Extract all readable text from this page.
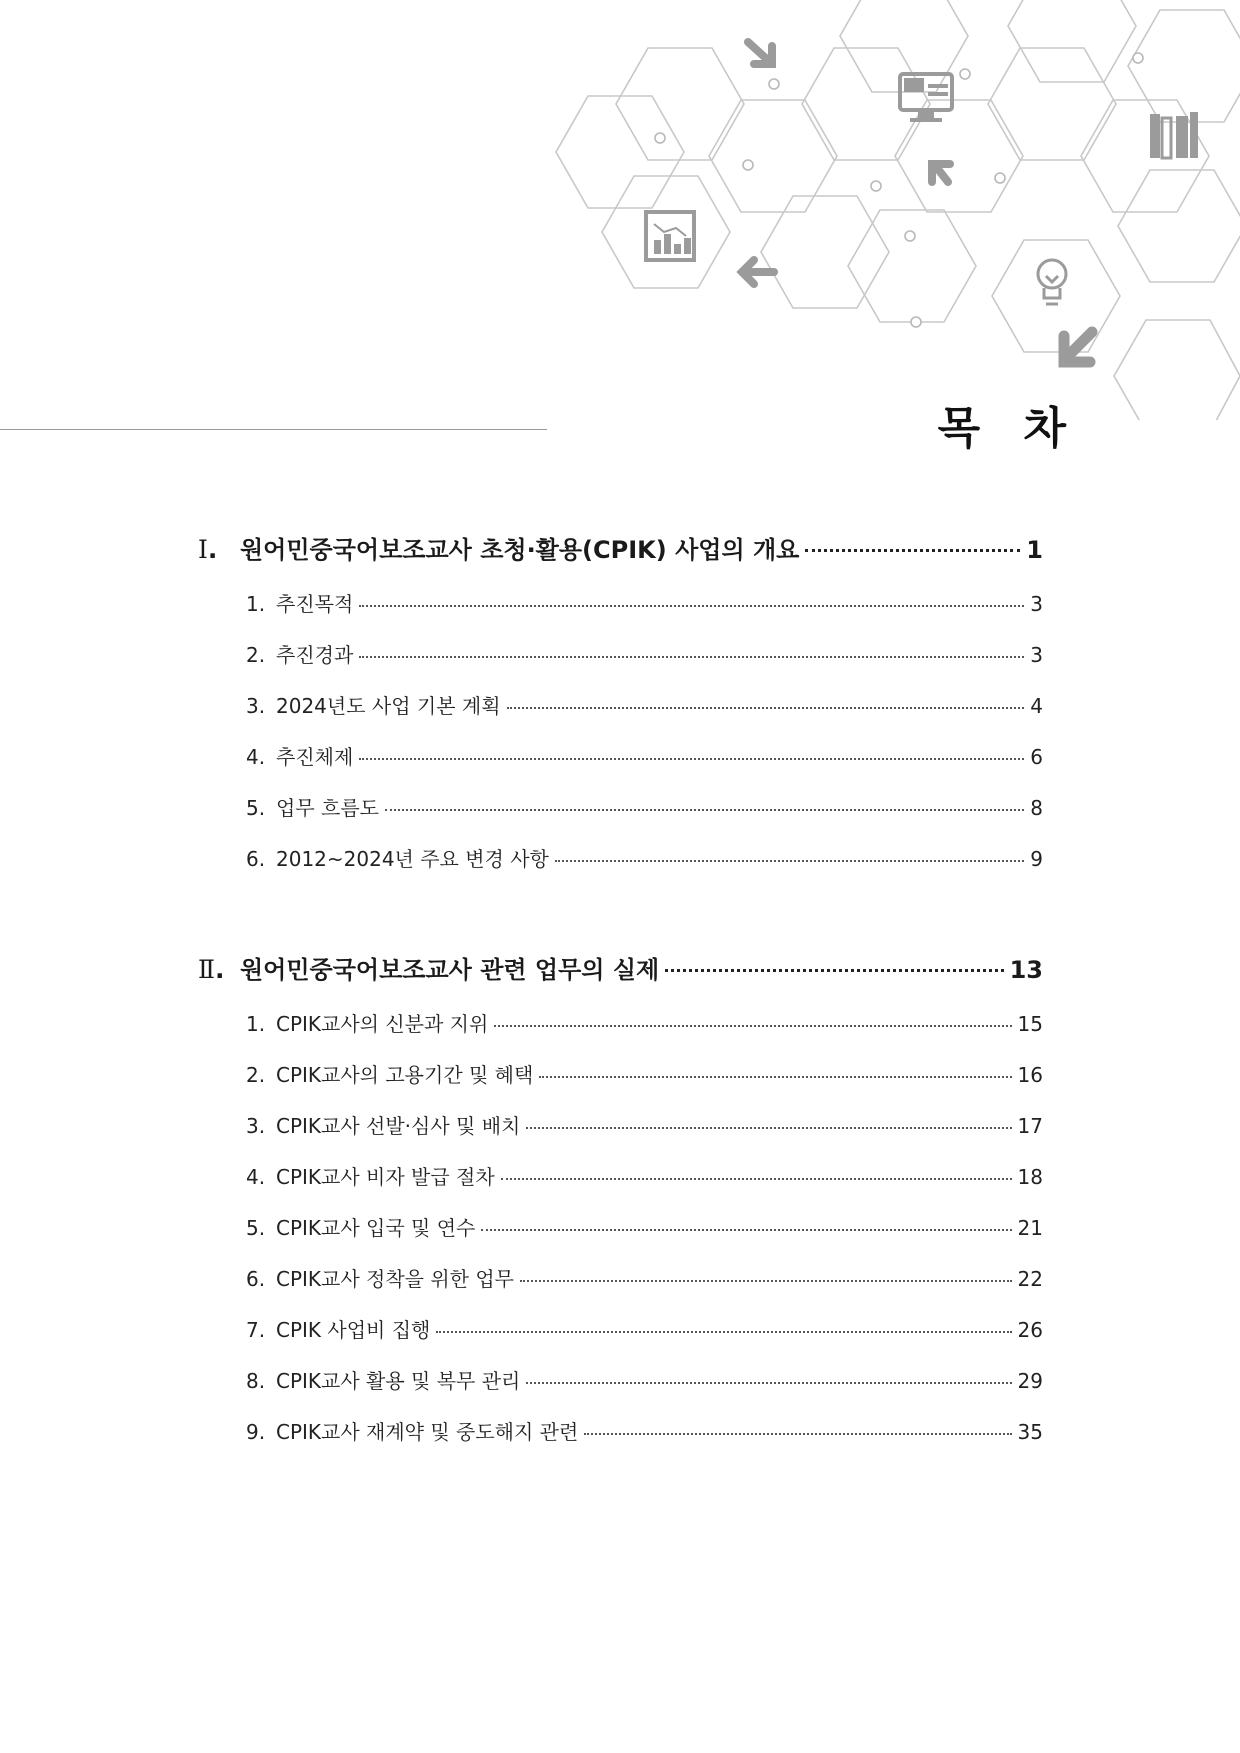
목 차
Ⅰ .	원어민중국어보조교사 초청·활용(CPIK) 사업의 개요	1
1. 추진목적	3
2. 추진경과	3
3. 2024년도 사업 기본 계획	4
4. 추진체제	6
5. 업무 흐름도	8
6. 2012~2024년 주요 변경 사항	9
Ⅱ .	원어민중국어보조교사 관련 업무의 실제	13
1. CPIK교사의 신분과 지위	15
2. CPIK교사의 고용기간 및 혜택	16
3. CPIK교사 선발·심사 및 배치	17
4. CPIK교사 비자 발급 절차	18
5. CPIK교사 입국 및 연수	21
6. CPIK교사 정착을 위한 업무	22
7. CPIK 사업비 집행	26
8. CPIK교사 활용 및 복무 관리	29
9. CPIK교사 재계약 및 중도해지 관련	35
